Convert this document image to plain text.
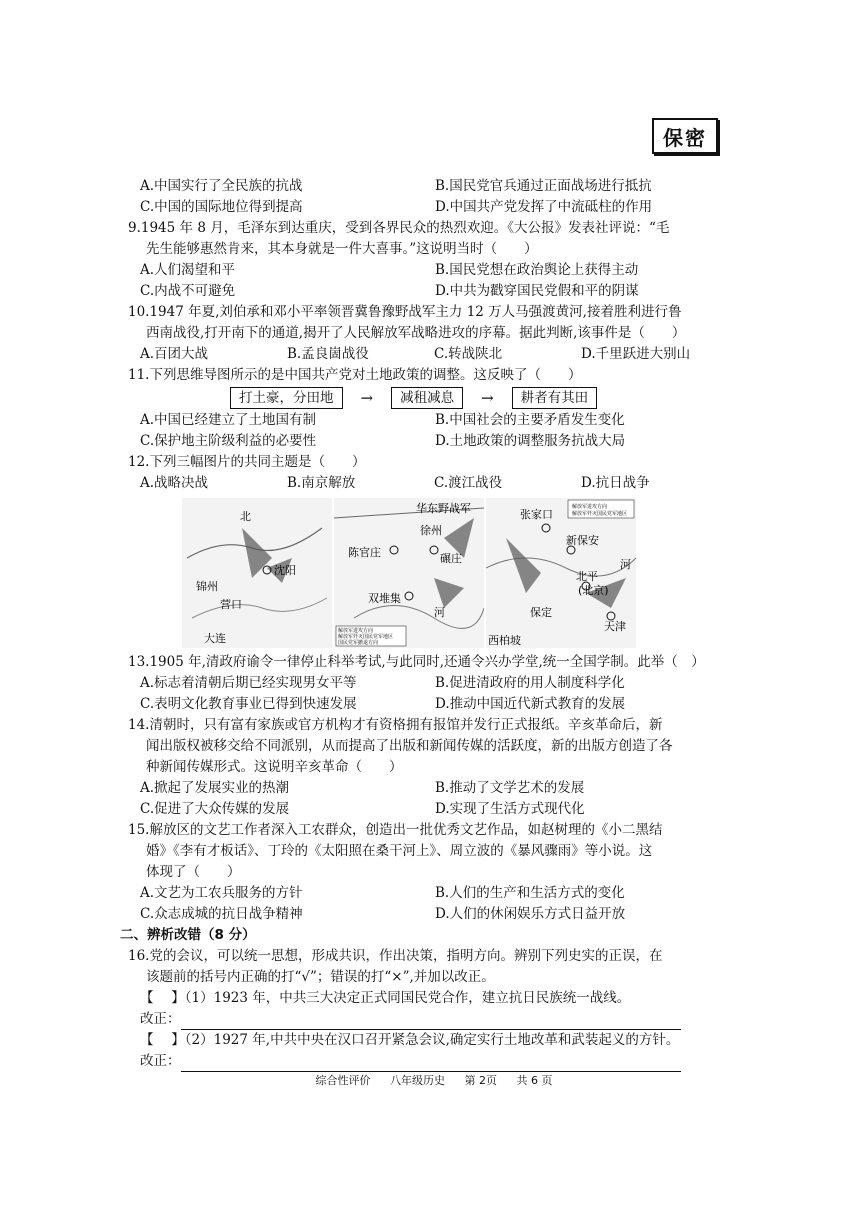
保密
A.中国实行了全民族的抗战	B.国民党官兵通过正面战场进行抵抗
C.中国的国际地位得到提高	D.中国共产党发挥了中流砥柱的作用
9.1945 年 8 月，毛泽东到达重庆，受到各界民众的热烈欢迎。《大公报》发表社评说：“毛
先生能够惠然肯来，其本身就是一件大喜事。”这说明当时（　　）
A.人们渴望和平	B.国民党想在政治舆论上获得主动
C.内战不可避免	D.中共为戳穿国民党假和平的阴谋
10.1947 年夏,刘伯承和邓小平率领晋冀鲁豫野战军主力 12 万人马强渡黄河,接着胜利进行鲁
西南战役,打开南下的通道,揭开了人民解放军战略进攻的序幕。据此判断,该事件是（　　）
A.百团大战	B.孟良崮战役	C.转战陕北	D.千里跃进大别山
11.下列思维导图所示的是中国共产党对土地政策的调整。这反映了（　　）
打土豪，分田地	→	减租减息	→	耕者有其田
A.中国已经建立了土地国有制	B.中国社会的主要矛盾发生变化
C.保护地主阶级利益的必要性	D.土地政策的调整服务抗战大局
12.下列三幅图片的共同主题是（　　）
A.战略决战	B.南京解放	C.渡江战役	D.抗日战争
北
沈阳
锦州
营口
大连
华东野战军
徐州
陈官庄	碾庄
双堆集
河
解放军进攻方向
解放军歼灭国民党军地区
国民党军撤退方向
张家口
新保安
北平
(北京)
天津
保定
西柏坡
河
解放军进攻方向
解放军歼灭国民党军地区
13.1905 年,清政府谕令一律停止科举考试,与此同时,还通令兴办学堂,统一全国学制。此举（　）
A.标志着清朝后期已经实现男女平等	B.促进清政府的用人制度科学化
C.表明文化教育事业已得到快速发展	D.推动中国近代新式教育的发展
14.清朝时，只有富有家族或官方机构才有资格拥有报馆并发行正式报纸。辛亥革命后，新
闻出版权被移交给不同派别，从而提高了出版和新闻传媒的活跃度，新的出版方创造了各
种新闻传媒形式。这说明辛亥革命（　　）
A.掀起了发展实业的热潮	B.推动了文学艺术的发展
C.促进了大众传媒的发展	D.实现了生活方式现代化
15.解放区的文艺工作者深入工农群众，创造出一批优秀文艺作品，如赵树理的《小二黑结
婚》《李有才板话》、丁玲的《太阳照在桑干河上》、周立波的《暴风骤雨》等小说。这
体现了（　　）
A.文艺为工农兵服务的方针	B.人们的生产和生活方式的变化
C.众志成城的抗日战争精神	D.人们的休闲娱乐方式日益开放
二、辨析改错（8 分）
16.党的会议，可以统一思想，形成共识，作出决策，指明方向。辨别下列史实的正误，在
该题前的括号内正确的打“√”；错误的打“×”,并加以改正。
【　 】（1）1923 年，中共三大决定正式同国民党合作，建立抗日民族统一战线。
改正：
【　 】（2）1927 年,中共中央在汉口召开紧急会议,确定实行土地改革和武装起义的方针。
改正：
综合性评价 八年级历史 第 2页 共 6 页
